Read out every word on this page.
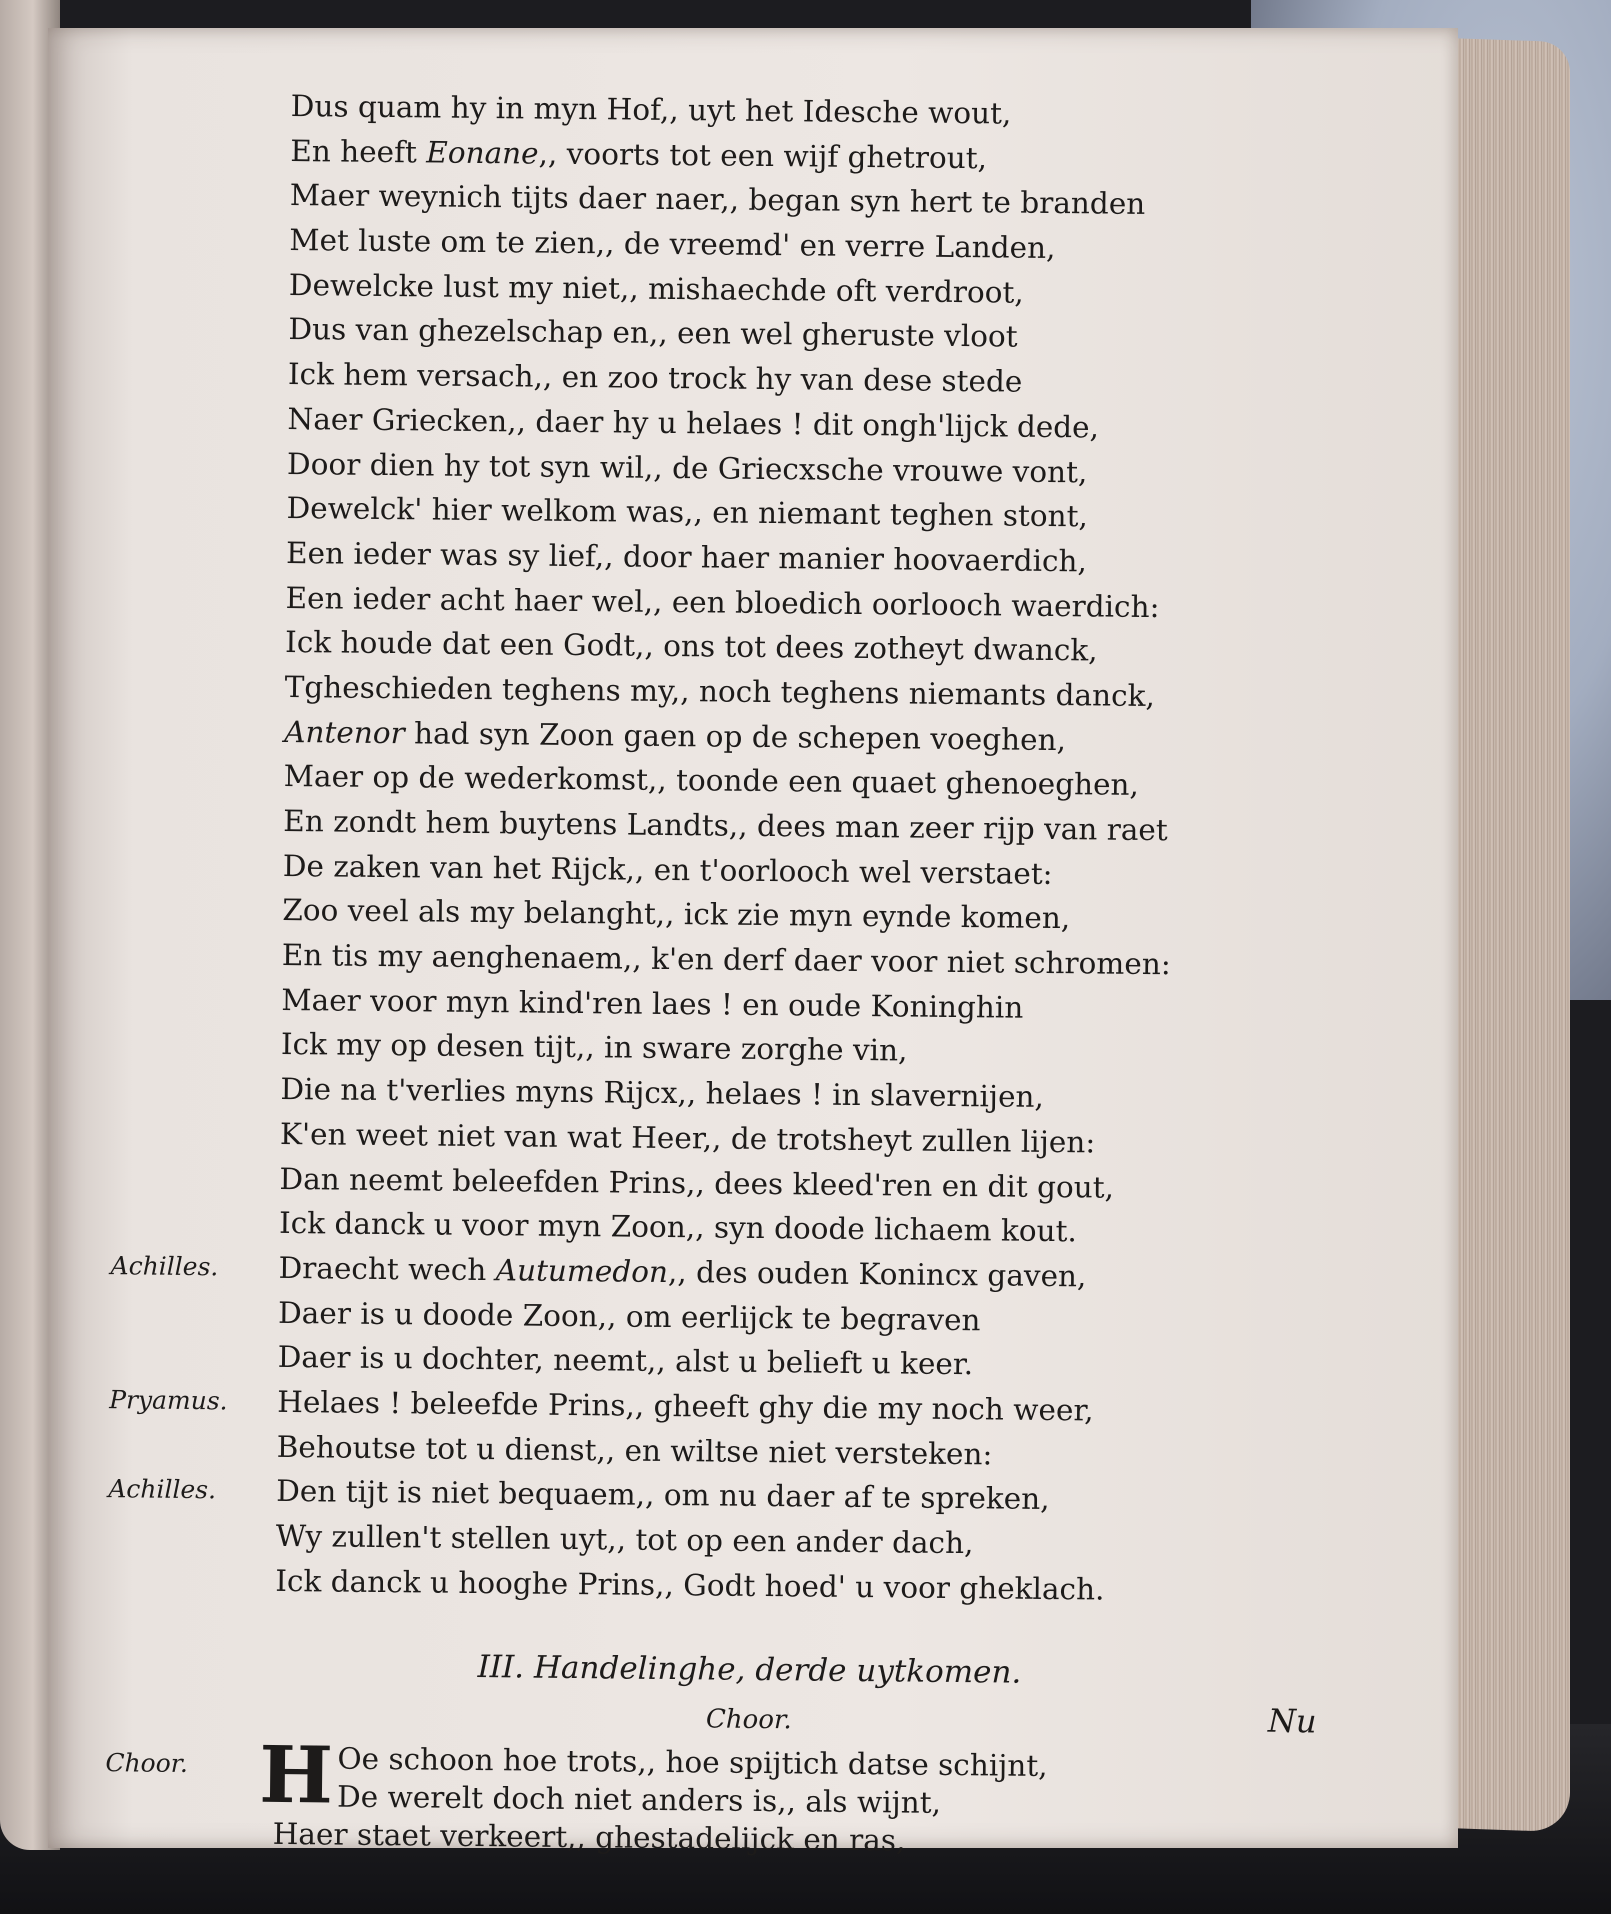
Dus quam hy in myn Hof,, uyt het Idesche wout,
En heeft Eonane,, voorts tot een wijf ghetrout,
Maer weynich tijts daer naer,, began syn hert te branden
Met luste om te zien,, de vreemd' en verre Landen,
Dewelcke lust my niet,, mishaechde oft verdroot,
Dus van ghezelschap en,, een wel gheruste vloot
Ick hem versach,, en zoo trock hy van dese stede
Naer Griecken,, daer hy u helaes ! dit ongh'lijck dede,
Door dien hy tot syn wil,, de Griecxsche vrouwe vont,
Dewelck' hier welkom was,, en niemant teghen stont,
Een ieder was sy lief,, door haer manier hoovaerdich,
Een ieder acht haer wel,, een bloedich oorlooch waerdich:
Ick houde dat een Godt,, ons tot dees zotheyt dwanck,
Tgheschieden teghens my,, noch teghens niemants danck,
Antenor had syn Zoon gaen op de schepen voeghen,
Maer op de wederkomst,, toonde een quaet ghenoeghen,
En zondt hem buytens Landts,, dees man zeer rijp van raet
De zaken van het Rijck,, en t'oorlooch wel verstaet:
Zoo veel als my belanght,, ick zie myn eynde komen,
En tis my aenghenaem,, k'en derf daer voor niet schromen:
Maer voor myn kind'ren laes ! en oude Koninghin
Ick my op desen tijt,, in sware zorghe vin,
Die na t'verlies myns Rijcx,, helaes ! in slavernijen,
K'en weet niet van wat Heer,, de trotsheyt zullen lijen:
Dan neemt beleefden Prins,, dees kleed'ren en dit gout,
Ick danck u voor myn Zoon,, syn doode lichaem kout.
Achilles.	Draecht wech Autumedon,, des ouden Konincx gaven,
Daer is u doode Zoon,, om eerlijck te begraven
Daer is u dochter, neemt,, alst u belieft u keer.
Pryamus.	Helaes ! beleefde Prins,, gheeft ghy die my noch weer,
Behoutse tot u dienst,, en wiltse niet versteken:
Achilles.	Den tijt is niet bequaem,, om nu daer af te spreken,
Wy zullen't stellen uyt,, tot op een ander dach,
Ick danck u hooghe Prins,, Godt hoed' u voor gheklach.
III. Handelinghe, derde uytkomen.
Choor.
Choor. H Oe schoon hoe trots,, hoe spijtich datse schijnt,
De werelt doch niet anders is,, als wijnt,
Haer staet verkeert,, ghestadelijck en ras,
Nu
